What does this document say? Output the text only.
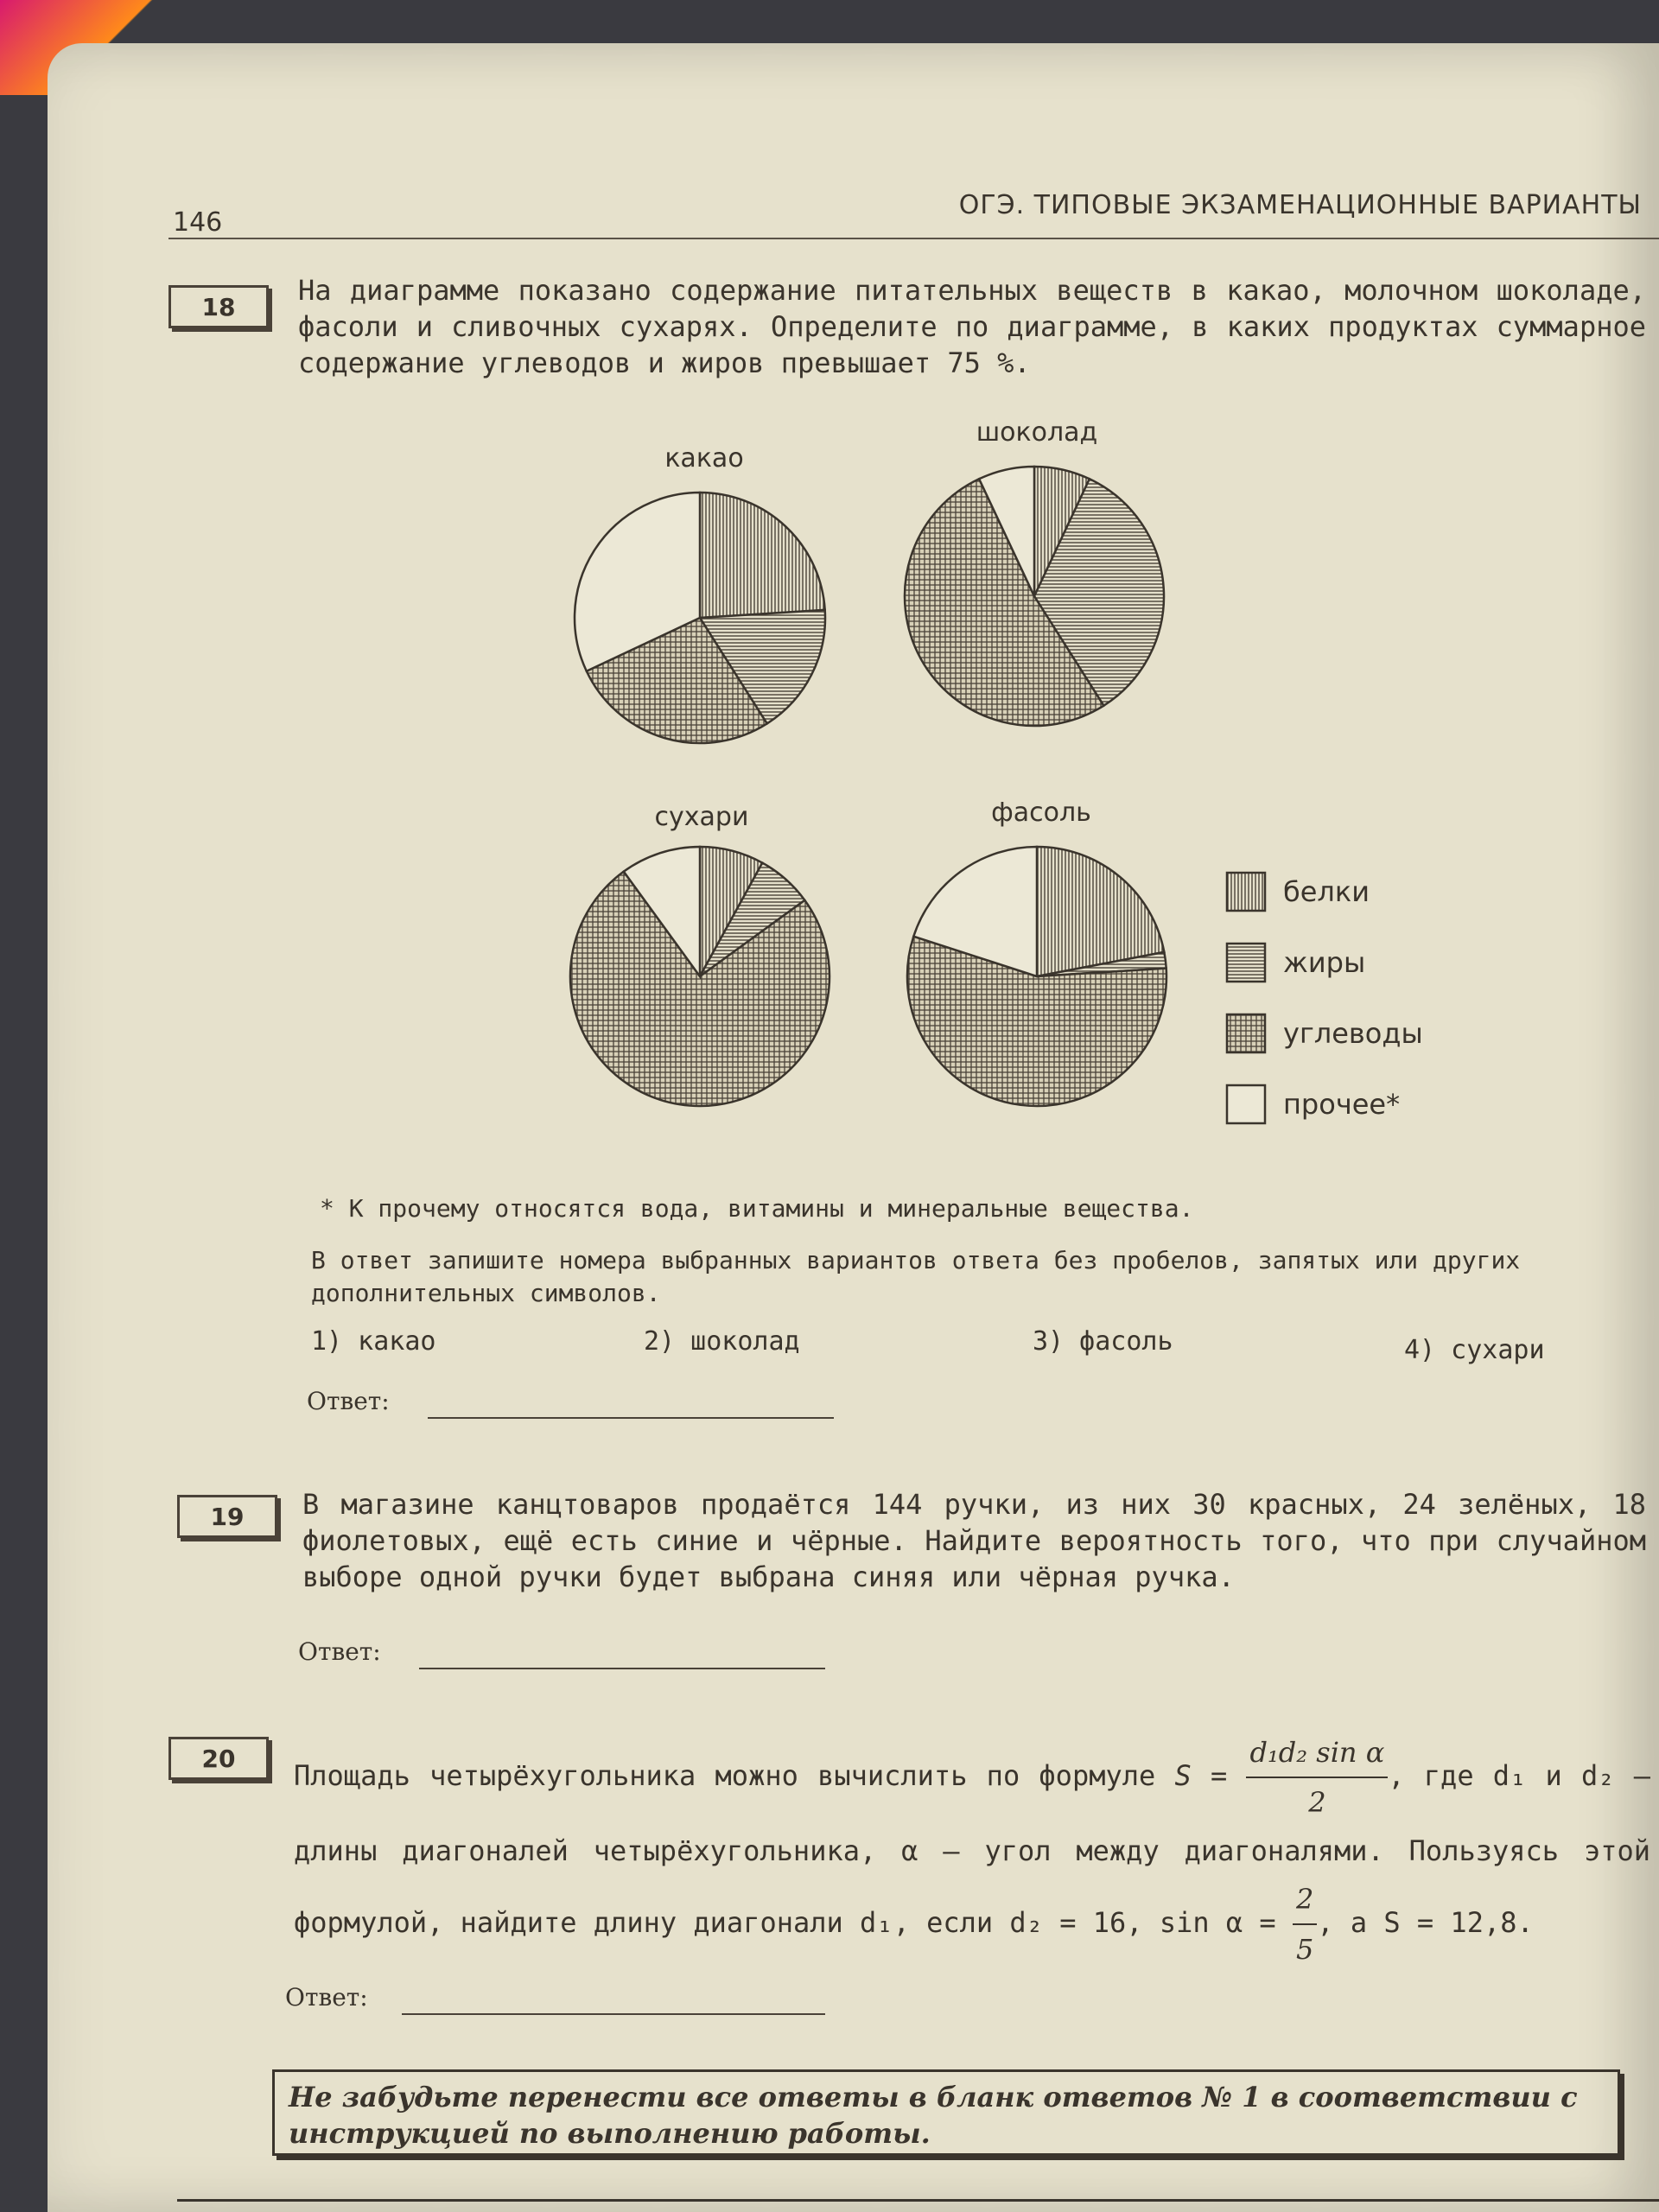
146
ОГЭ. ТИПОВЫЕ ЭКЗАМЕНАЦИОННЫЕ ВАРИАНТЫ
18	На диаграмме показано содержание питательных веществ в какао, молочном шоколаде, фасоли и сливочных сухарях. Определите по диаграмме, в каких продуктах суммарное содержание углеводов и жиров превышает 75 %.
какао
шоколад
сухари	фасоль
белки
жиры
углеводы
прочее*
* К прочему относятся вода, витамины и минеральные вещества.
В ответ запишите номера выбранных вариантов ответа без пробелов, запятых или других дополнительных символов.
1) какао	2) шоколад	3) фасоль	4) сухари
Ответ:
19	В магазине канцтоваров продаётся 144 ручки, из них 30 красных, 24 зелёных, 18 фиолетовых, ещё есть синие и чёрные. Найдите вероятность того, что при случайном выборе одной ручки будет выбрана синяя или чёрная ручка.
Ответ:
20
Площадь четырёхугольника можно вычислить по формуле $S = \frac{\text{d₁d₂ sin α}}{2}$ , где d₁ и d₂ — длины диагоналей четырёхугольника, α — угол между диагоналями. Пользуясь этой формулой, найдите длину диагонали d₁, если d₂ = 16, $\sin \alpha = \frac{2}{5}$ , а S = 12,8.
Ответ:
Не забудьте перенести все ответы в бланк ответов № 1 в соответствии с инструкцией по выполнению работы.
